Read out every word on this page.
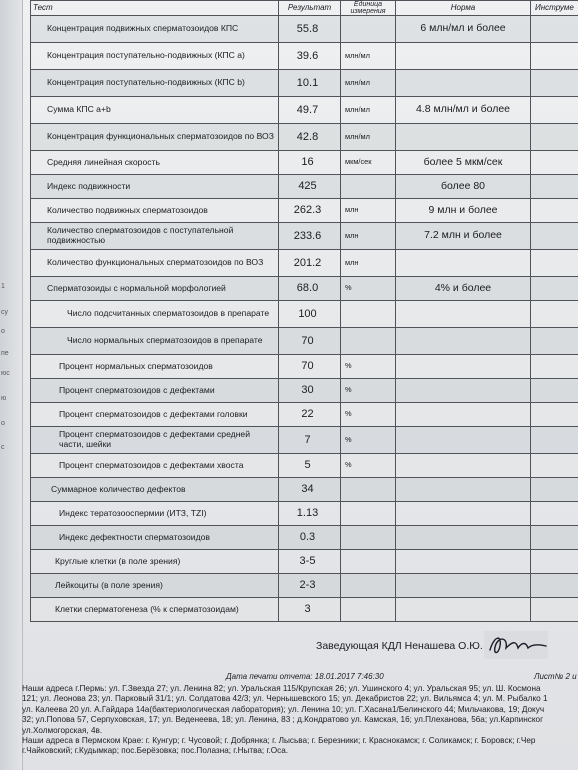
1
су
о
пе
юс
ю
о
с
Тест	Результат	Единица измерения	Норма	Инструме
Концентрация подвижных сперматозоидов КПС	55.8		6 млн/мл и более	
Концентрация поступательно-подвижных (КПС a)	39.6	млн/мл		
Концентрация поступательно-подвижных (КПС b)	10.1	млн/мл		
Сумма КПС a+b	49.7	млн/мл	4.8 млн/мл и более	
Концентрация функциональных сперматозоидов по ВОЗ	42.8	млн/мл		
Средняя линейная скорость	16	мкм/сек	более 5 мкм/сек	
Индекс подвижности	425		более 80	
Количество подвижных сперматозоидов	262.3	млн	9 млн и более	
Количество сперматозоидов с поступательной подвижностью	233.6	млн	7.2 млн и более	
Количество функциональных сперматозоидов по ВОЗ	201.2	млн		
Сперматозоиды с нормальной морфологией	68.0	%	4% и более	
Число подсчитанных сперматозоидов в препарате	100			
Число нормальных сперматозоидов в препарате	70			
Процент нормальных сперматозоидов	70	%		
Процент сперматозоидов с дефектами	30	%		
Процент сперматозоидов с дефектами головки	22	%		
Процент сперматозоидов с дефектами средней части, шейки	7	%		
Процент сперматозоидов с дефектами хвоста	5	%		
Суммарное количество дефектов	34			
Индекс тератозооспермии (ИТЗ, TZI)	1.13			
Индекс дефектности сперматозоидов	0.3			
Круглые клетки (в поле зрения)	3-5			
Лейкоциты (в поле зрения)	2-3			
Клетки сперматогенеза (% к сперматозоидам)	3			
Заведующая КДЛ Ненашева О.Ю.
Дата печати отчета: 18.01.2017 7:46:30	Лист№ 2 и
Наши адреса г.Пермь: ул. Г.Звезда 27; ул. Ленина 82; ул. Уральская 115/Крупская 26; ул. Ушинского 4; ул. Уральская 95; ул. Ш. Космона
121; ул. Леонова 23; ул. Парковый 31/1; ул. Солдатова 42/3; ул. Чернышевского 15; ул. Декабристов 22; ул. Вильямса 4; ул. М. Рыбалко 1
ул. Калеева 20 ул. А.Гайдара 14а(бактериологическая лаборатория); ул. Ленина 10; ул. Г.Хасана1/Белинского 44; Мильчакова, 19; Докуч
32; ул.Попова 57, Серпуховская, 17; ул. Веденеева, 18; ул. Ленина, 83 ; д.Кондратово ул. Камская, 16; ул.Плеханова, 56а; ул.Карпинског
ул.Холмогорская, 4в.
Наши адреса в Пермском Крае: г. Кунгур; г. Чусовой; г. Добрянка; г. Лысьва; г. Березники; г. Краснокамск; г. Соликамск; г. Боровск; г.Чер
г.Чайковский; г.Кудымкар; пос.Берёзовка; пос.Полазна; г.Нытва; г.Оса.
